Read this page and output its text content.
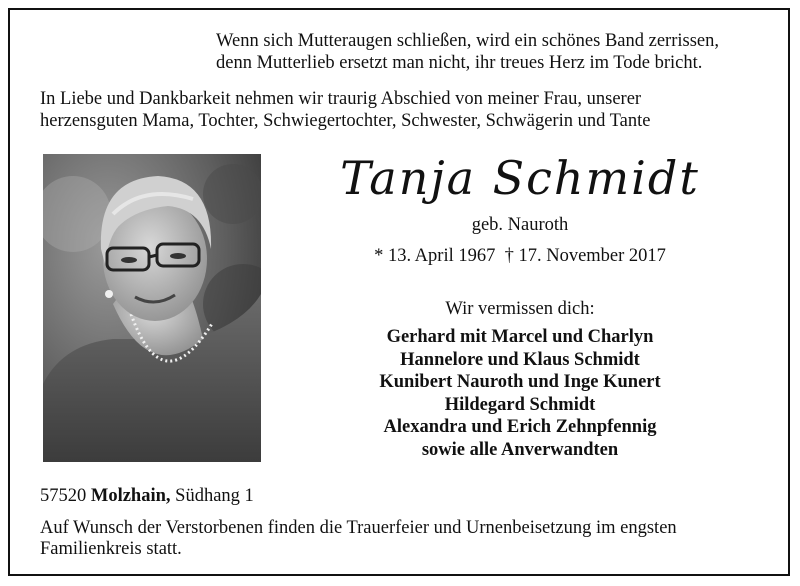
Wenn sich Mutteraugen schließen, wird ein schönes Band zerrissen,
denn Mutterlieb ersetzt man nicht, ihr treues Herz im Tode bricht.
In Liebe und Dankbarkeit nehmen wir traurig Abschied von meiner Frau, unserer
herzensguten Mama, Tochter, Schwiegertochter, Schwester, Schwägerin und Tante
Tanja Schmidt
geb. Nauroth
* 13. April 1967  † 17. November 2017
Wir vermissen dich:
Gerhard mit Marcel und Charlyn
Hannelore und Klaus Schmidt
Kunibert Nauroth und Inge Kunert
Hildegard Schmidt
Alexandra und Erich Zehnpfennig
sowie alle Anverwandten
57520 Molzhain, Südhang 1
Auf Wunsch der Verstorbenen finden die Trauerfeier und Urnenbeisetzung im engsten
Familienkreis statt.
